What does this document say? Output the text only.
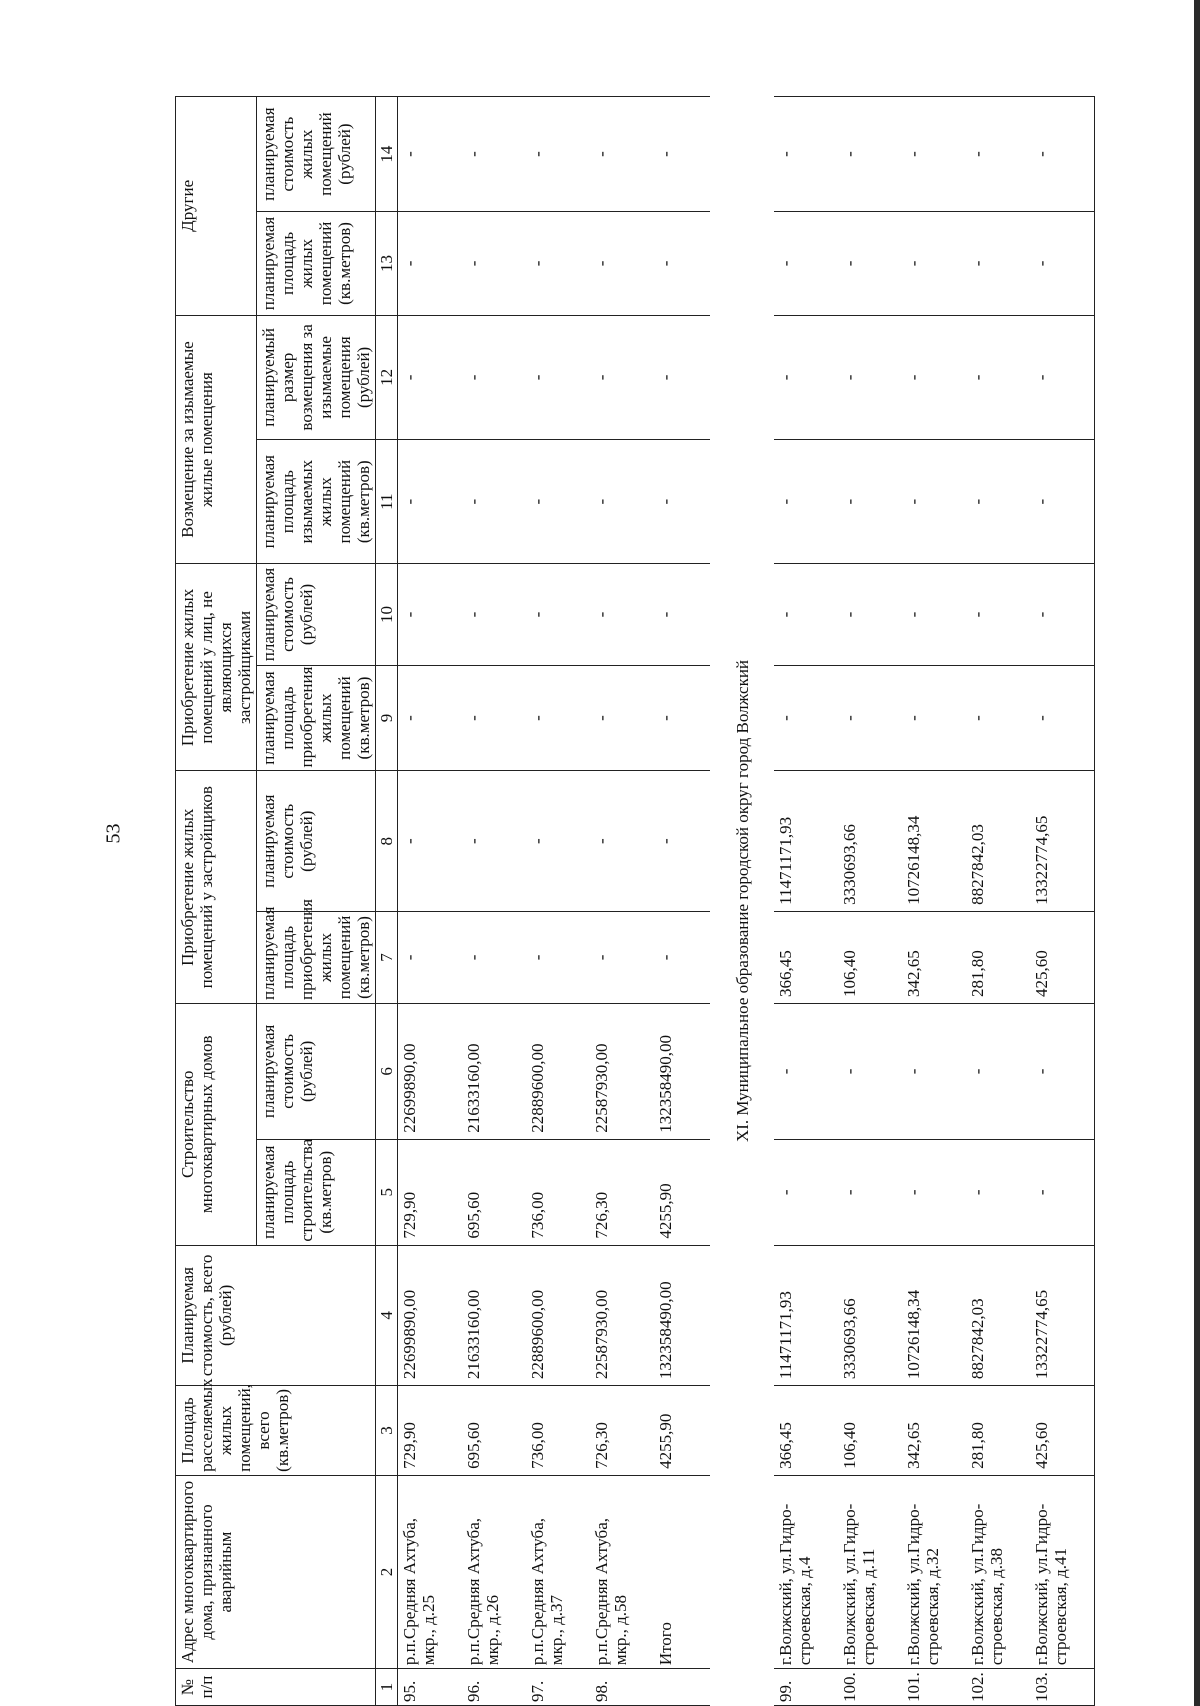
53
№ п/п	Адрес многоквартирного дома, признанного аварийным	Площадь расселяемых жилых помещений, всего (кв.метров)	Планируемая стоимость, всего (рублей)	Строительство многоквартирных домов		Приобретение жилых помещений у застройщиков		Приобретение жилых помещений у лиц, не являющихся застройщиками		Возмещение за изымаемые жилые помещения		Другие	
				планируемая площадь строительства (кв.метров)	планируемая стоимость (рублей)	планируемая площадь приобретения жилых помещений (кв.метров)	планируемая стоимость (рублей)	планируемая площадь приобретения жилых помещений (кв.метров)	планируемая стоимость (рублей)	планируемая площадь изымаемых жилых помещений (кв.метров)	планируемый размер возмещения за изымаемые помещения (рублей)	планируемая площадь жилых помещений (кв.метров)	планируемая стоимость жилых помещений (рублей)
1	2	3	4	5	6	7	8	9	10	11	12	13	14
95.	р.п.Средняя Ахтуба, мкр., д.25	729,90	22699890,00	729,90	22699890,00	-	-	-	-	-	-	-	-
96.	р.п.Средняя Ахтуба, мкр., д.26	695,60	21633160,00	695,60	21633160,00	-	-	-	-	-	-	-	-
97.	р.п.Средняя Ахтуба, мкр., д.37	736,00	22889600,00	736,00	22889600,00	-	-	-	-	-	-	-	-
98.	р.п.Средняя Ахтуба, мкр., д.58	726,30	22587930,00	726,30	22587930,00	-	-	-	-	-	-	-	-
	Итого	4255,90	132358490,00	4255,90	132358490,00	-	-	-	-	-	-	-	-
XI. Муниципальное образование городской округ город Волжский													
99.	г.Волжский, ул.Гидро-строевская, д.4	366,45	11471171,93	-	-	366,45	11471171,93	-	-	-	-	-	-
100.	г.Волжский, ул.Гидро-строевская, д.11	106,40	3330693,66	-	-	106,40	3330693,66	-	-	-	-	-	-
101.	г.Волжский, ул.Гидро-строевская, д.32	342,65	10726148,34	-	-	342,65	10726148,34	-	-	-	-	-	-
102.	г.Волжский, ул.Гидро-строевская, д.38	281,80	8827842,03	-	-	281,80	8827842,03	-	-	-	-	-	-
103.	г.Волжский, ул.Гидро-строевская, д.41	425,60	13322774,65	-	-	425,60	13322774,65	-	-	-	-	-	-
